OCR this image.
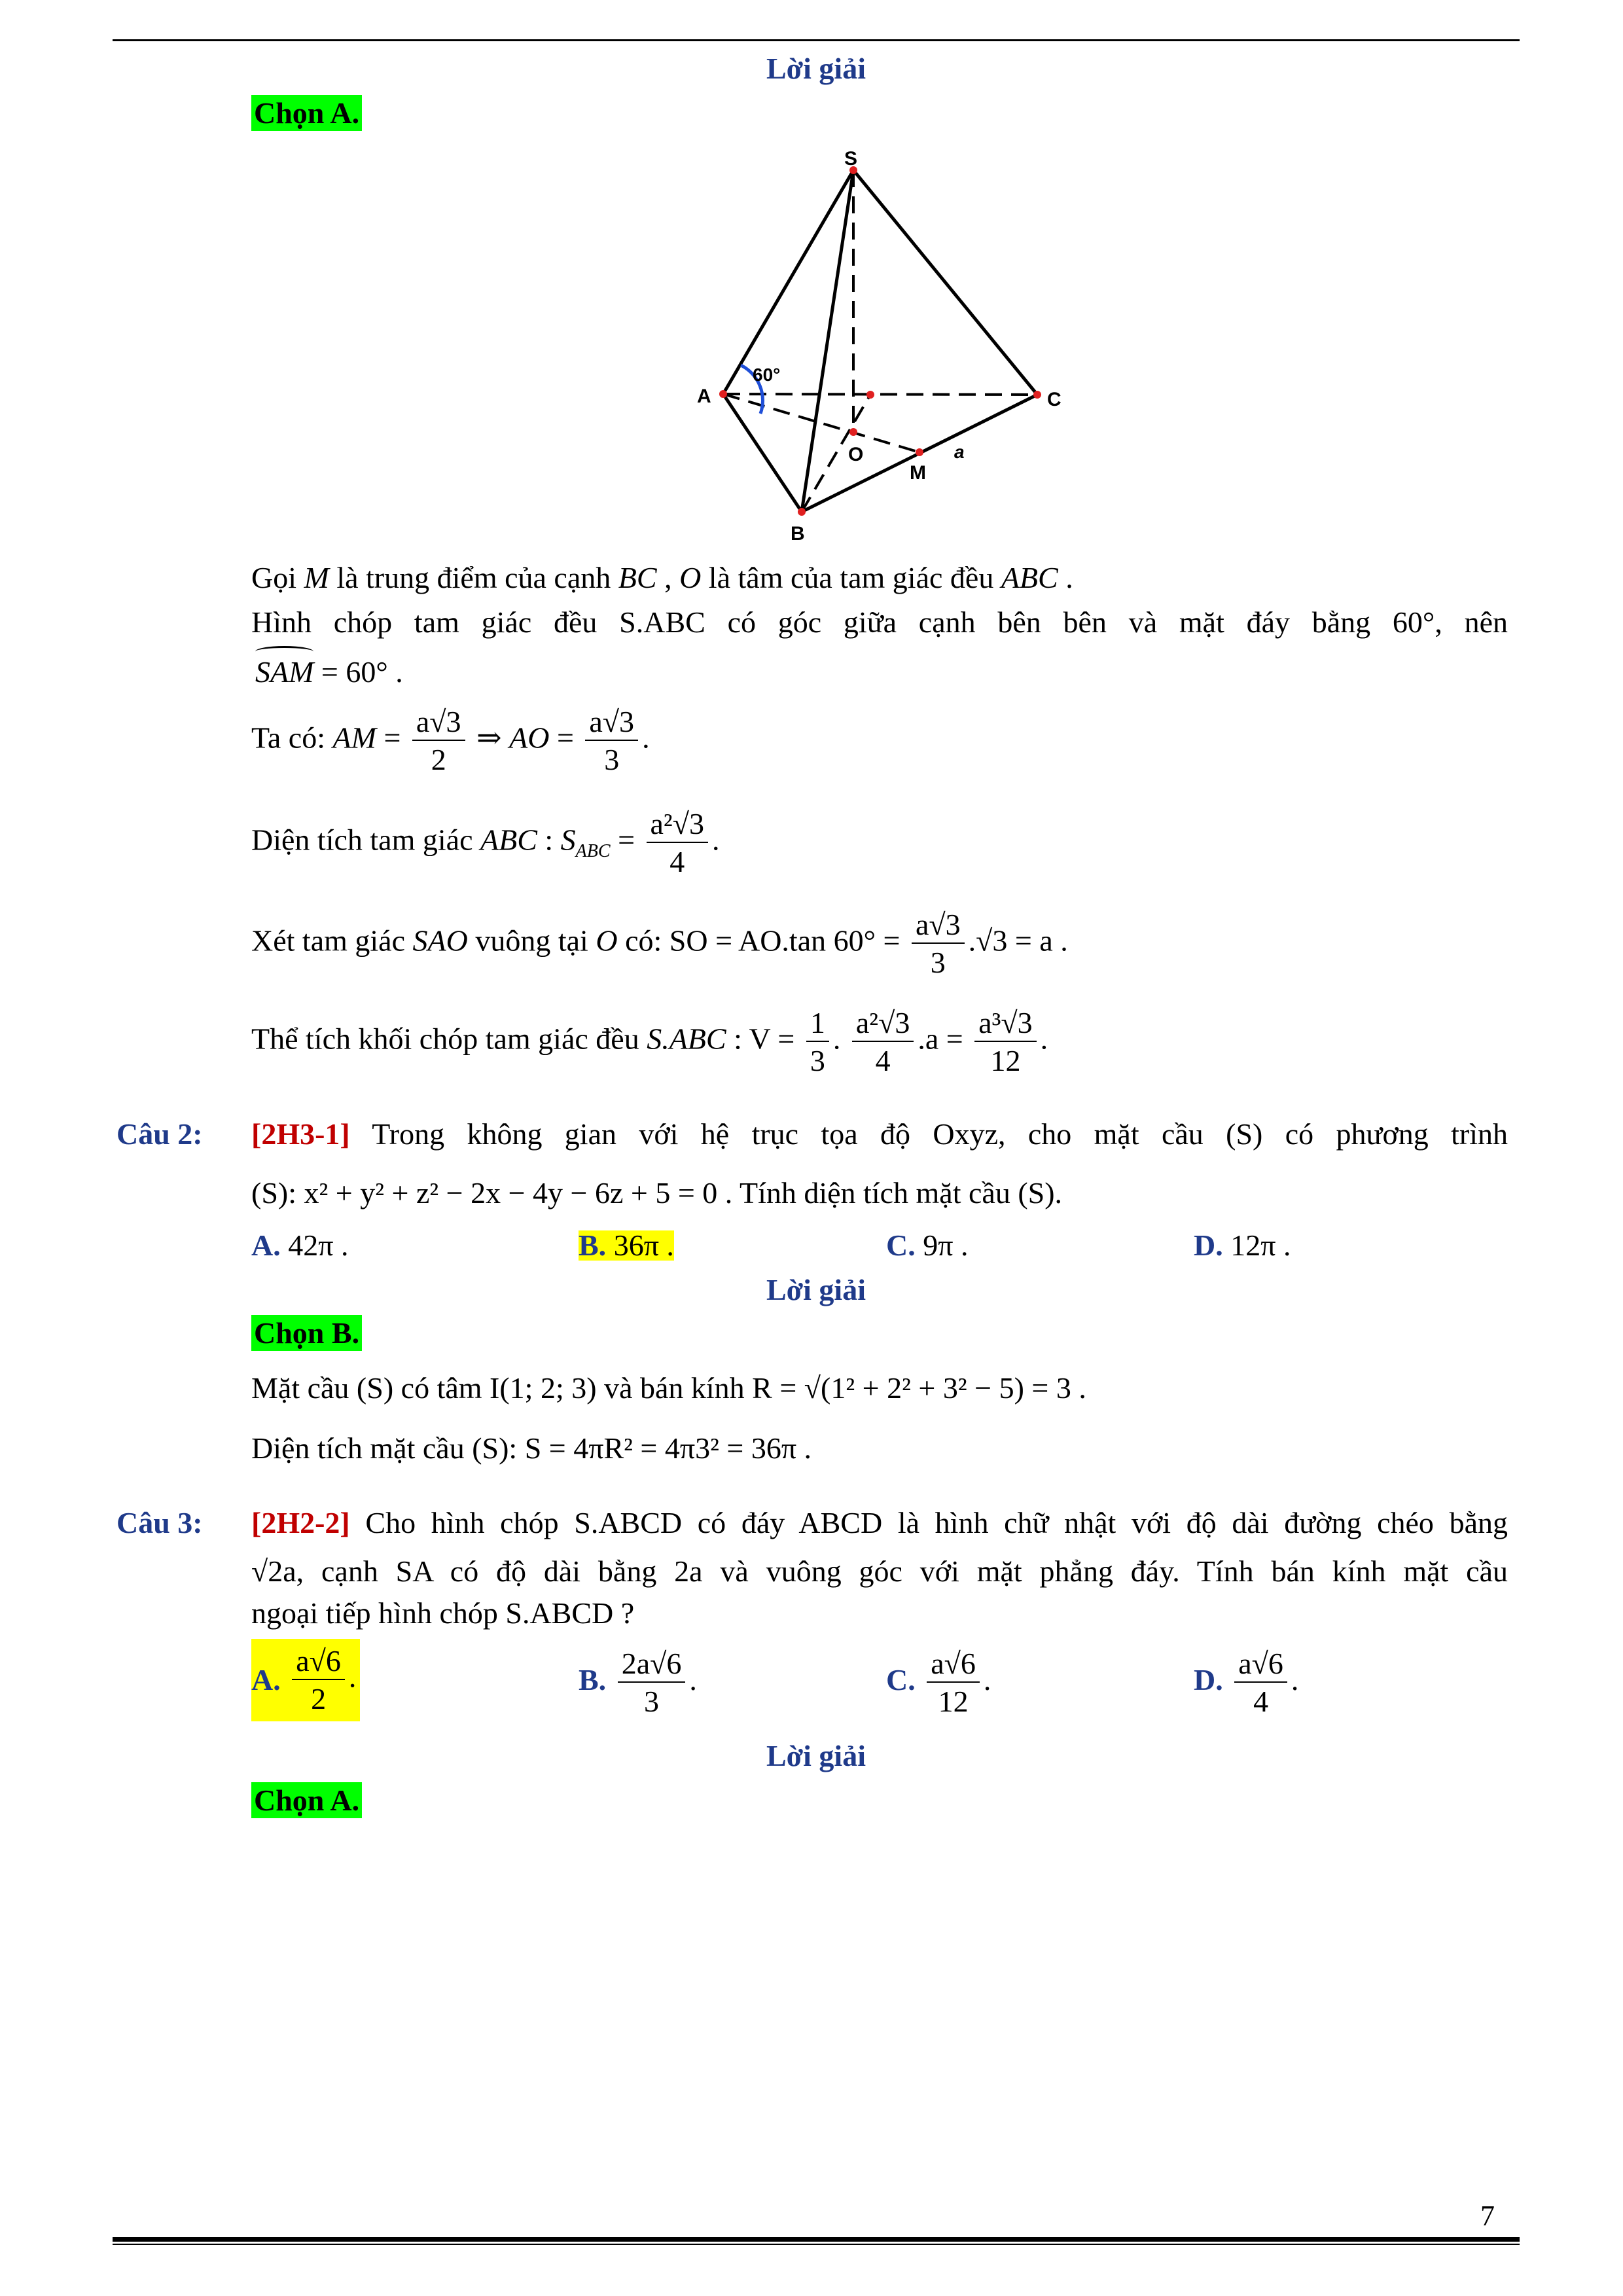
Lời giải
Chọn A.
S
A	C
B
O
M
a
60°
Gọi M là trung điểm của cạnh BC , O là tâm của tam giác đều ABC .
Hình chóp tam giác đều S.ABC có góc giữa cạnh bên bên và mặt đáy bằng 60°, nên
SAM
= 60° .
Ta có: AM = $\frac{a√3}{2}$ ⇒ AO = $\frac{a√3}{3}$ .
Diện tích tam giác ABC : $S_{ABC} = \frac{\text{a²√3}}{4}$ .
Xét tam giác SAO vuông tại O có: SO = AO.tan $60^\circ = \frac{a√3}{3} .√3 = a$ .
Thể tích khối chóp tam giác đều S.ABC : $V = \frac{1}{3}$ . $\frac{\text{a²√3}}{4} .a = \frac{\text{a³√3}}{12}$ .
Câu 2: [2H3-1] Trong không gian với hệ trục tọa độ Oxyz, cho mặt cầu (S) có phương trình
(S): x² + y² + z² − 2x − 4y − 6z + 5 = 0 . Tính diện tích mặt cầu (S).
A. 42π .	B. 36π .	C. 9π .	D. 12π .
Lời giải
Chọn B.
Mặt cầu (S) có tâm I(1; 2; 3) và bán kính R = √(1² + 2² + 3² − 5) = 3 .
Diện tích mặt cầu (S): S = 4πR² = 4π3² = 36π .
Câu 3: [2H2-2] Cho hình chóp S.ABCD có đáy ABCD là hình chữ nhật với độ dài đường chéo bằng
√2a, cạnh SA có độ dài bằng 2a và vuông góc với mặt phẳng đáy. Tính bán kính mặt cầu
ngoại tiếp hình chóp S.ABCD ?
A. $\frac{a√6}{2}$ .	B. $\frac{2a√6}{3}$ .	C. $\frac{a√6}{12}$ .	D. $\frac{a√6}{4}$ .
Lời giải
Chọn A.
7
